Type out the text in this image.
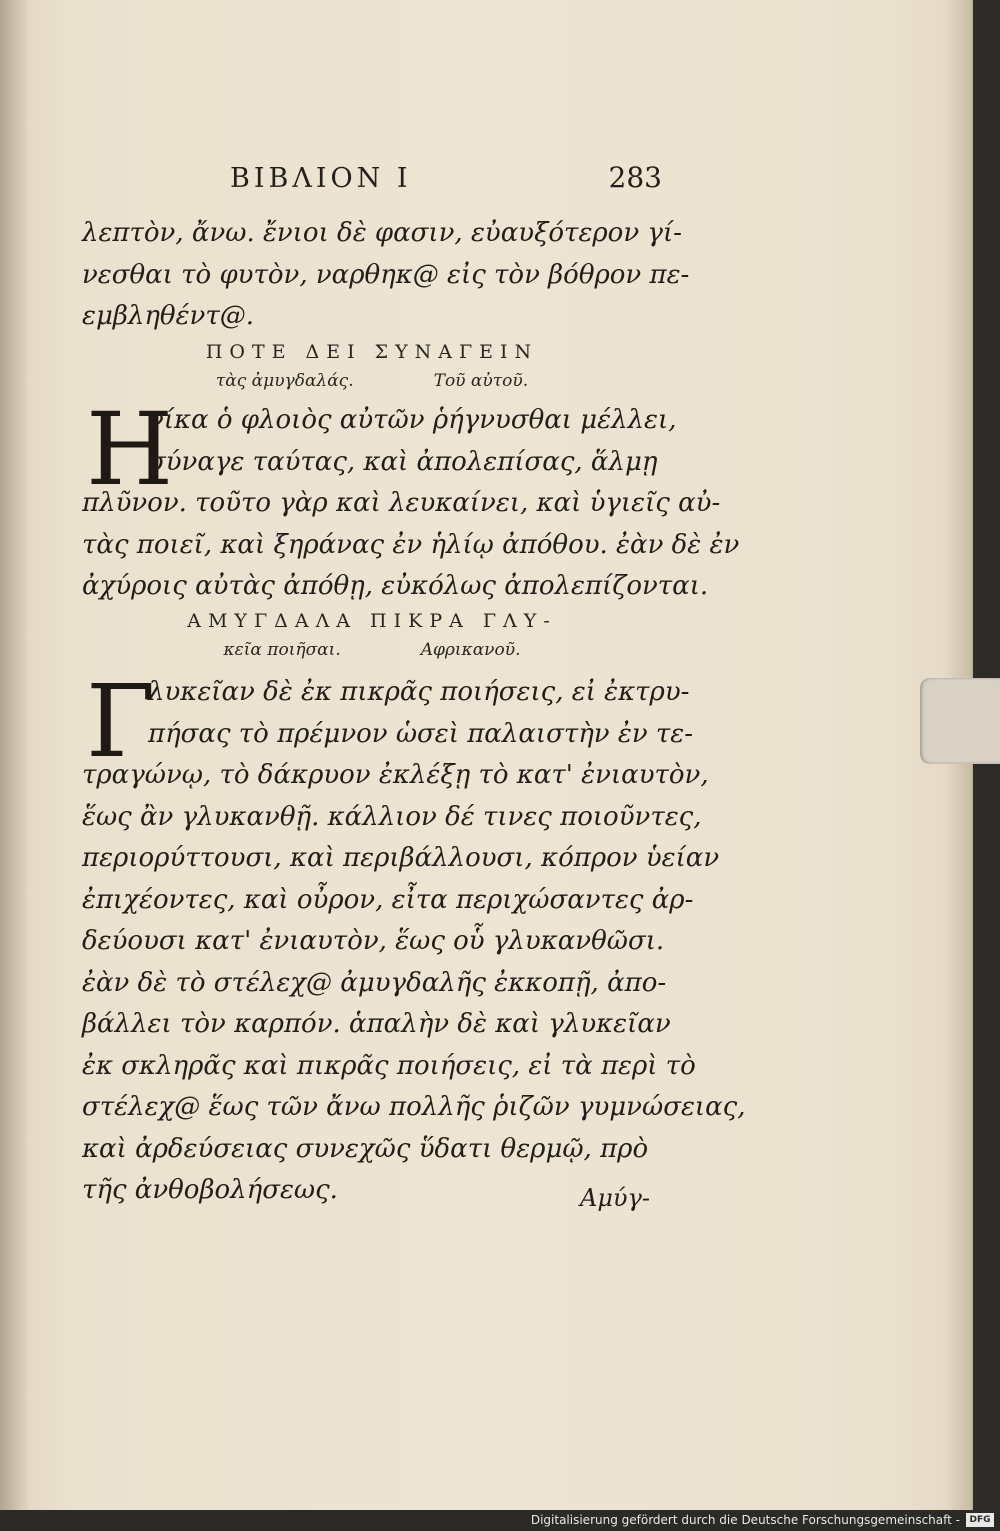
ΒΙΒΛΙΟΝ Ι	283
λεπτὸν, ἄνω. ἔνιοι δὲ φασιν, εὐαυξότερον γί-
νεσθαι τὸ φυτὸν, ναρθηκ@ εἰς τὸν βόθρον πε-
εμβληθέντ@.
ΠΟΤΕ ΔΕΙ ΣΥΝΑΓΕΙΝ
τὰς ἀμυγδαλάς.	Τοῦ αὐτοῦ.
Η
νίκα ὁ φλοιὸς αὐτῶν ῥήγνυσθαι μέλλει,
σύναγε ταύτας, καὶ ἀπολεπίσας, ἅλμῃ
πλῦνον. τοῦτο γὰρ καὶ λευκαίνει, καὶ ὑγιεῖς αὐ-
τὰς ποιεῖ, καὶ ξηράνας ἐν ἡλίῳ ἀπόθου. ἐὰν δὲ ἐν
ἀχύροις αὐτὰς ἀπόθῃ, εὐκόλως ἀπολεπίζονται.
ΑΜΥΓΔΑΛΑ ΠΙΚΡΑ ΓΛΥ-
κεῖα ποιῆσαι.	Αφρικανοῦ.
Γ
λυκεῖαν δὲ ἐκ πικρᾶς ποιήσεις, εἰ ἐκτρυ-
πήσας τὸ πρέμνον ὡσεὶ παλαιστὴν ἐν τε-
τραγώνῳ, τὸ δάκρυον ἐκλέξῃ τὸ κατ' ἐνιαυτὸν,
ἕως ἂν γλυκανθῇ. κάλλιον δέ τινες ποιοῦντες,
περιορύττουσι, καὶ περιβάλλουσι, κόπρον ὑείαν
ἐπιχέοντες, καὶ οὖρον, εἶτα περιχώσαντες ἀρ-
δεύουσι κατ' ἐνιαυτὸν, ἕως οὗ γλυκανθῶσι.
ἐὰν δὲ τὸ στέλεχ@ ἀμυγδαλῆς ἐκκοπῇ, ἀπο-
βάλλει τὸν καρπόν. ἁπαλὴν δὲ καὶ γλυκεῖαν
ἐκ σκληρᾶς καὶ πικρᾶς ποιήσεις, εἰ τὰ περὶ τὸ
στέλεχ@ ἕως τῶν ἄνω πολλῆς ῥιζῶν γυμνώσειας,
καὶ ἀρδεύσειας συνεχῶς ὕδατι θερμῷ, πρὸ
τῆς ἀνθοβολήσεως.	Αμύγ-
Digitalisierung gefördert durch die Deutsche Forschungsgemeinschaft -	DFG
